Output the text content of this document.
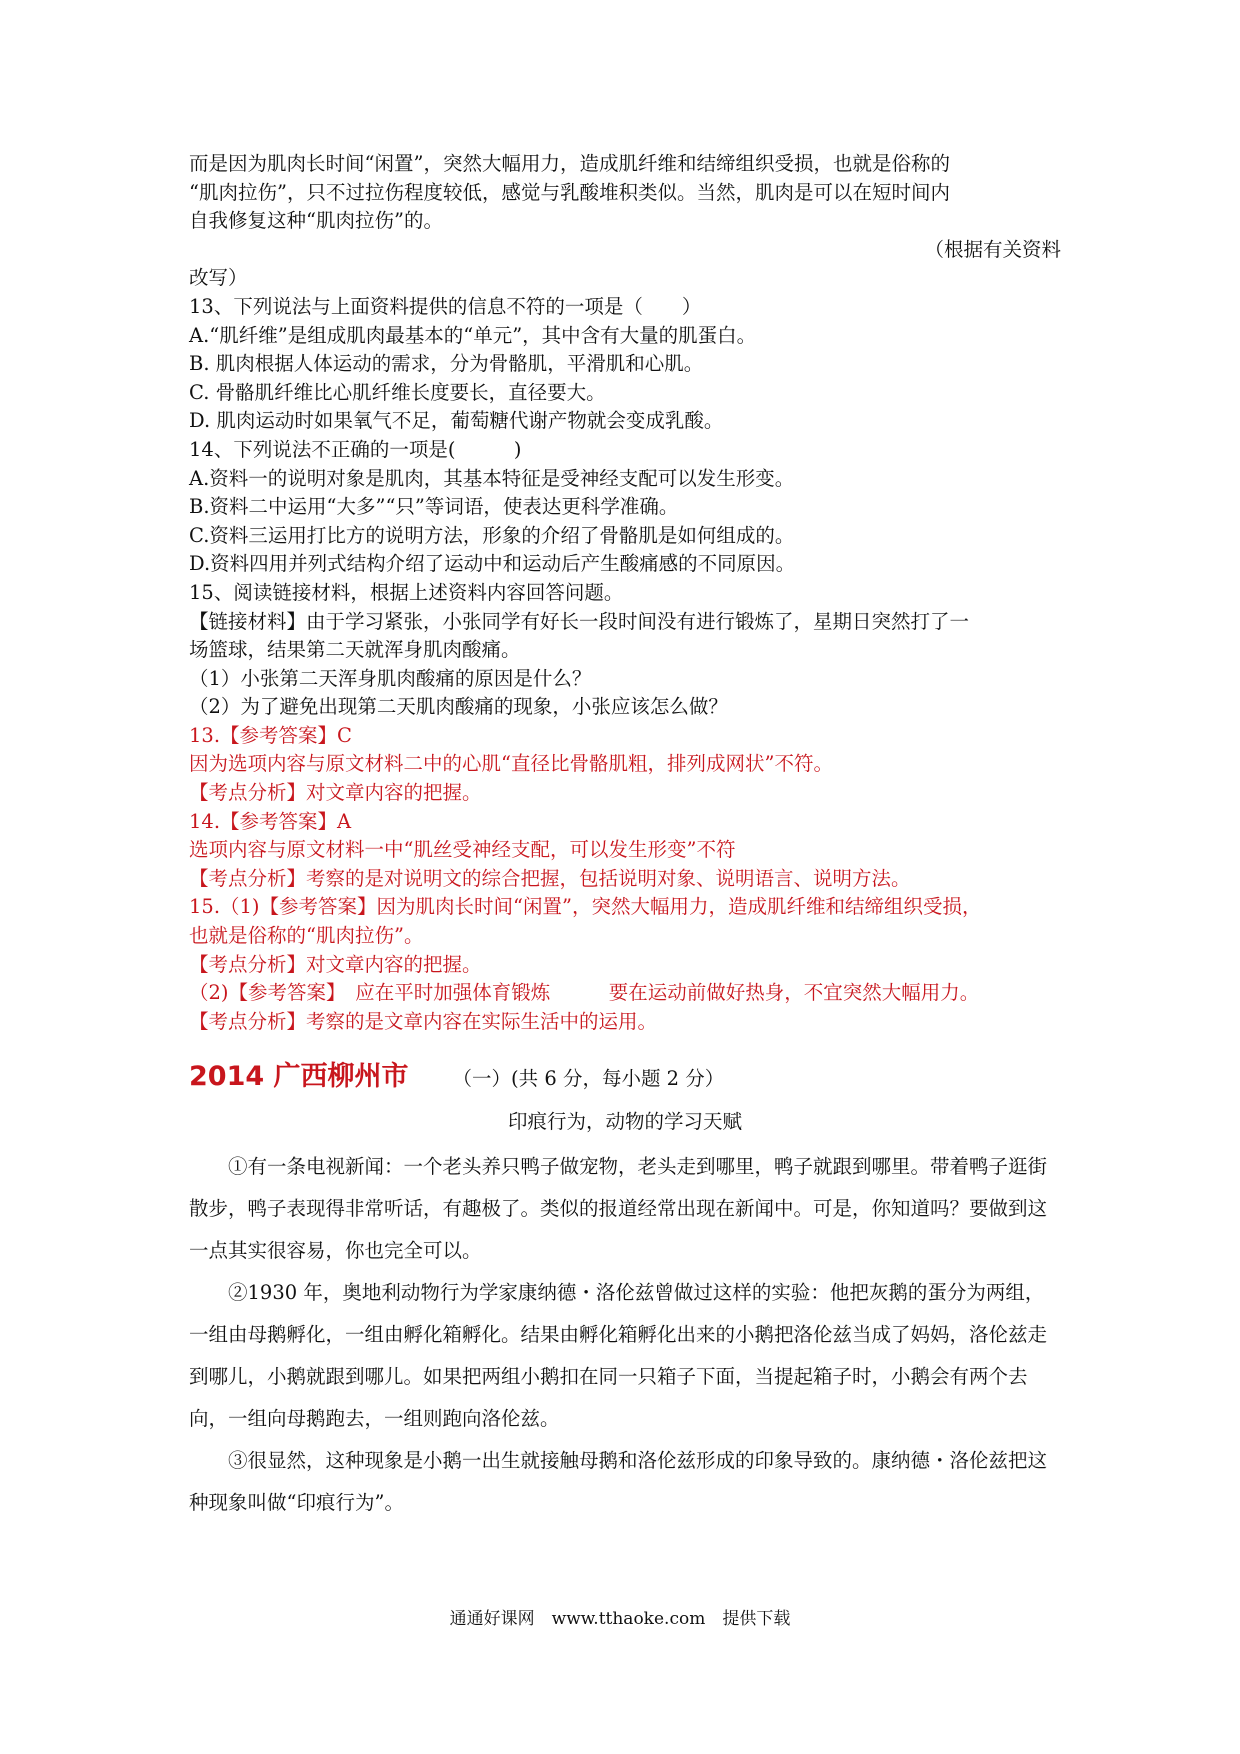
而是因为肌肉长时间“闲置”，突然大幅用力，造成肌纤维和结缔组织受损，也就是俗称的

“肌肉拉伤”，只不过拉伤程度较低，感觉与乳酸堆积类似。当然，肌肉是可以在短时间内

自我修复这种“肌肉拉伤”的。

（根据有关资料

改写）

13、下列说法与上面资料提供的信息不符的一项是（　　）

A.“肌纤维”是组成肌肉最基本的“单元”，其中含有大量的肌蛋白。

B. 肌肉根据人体运动的需求，分为骨骼肌，平滑肌和心肌。

C. 骨骼肌纤维比心肌纤维长度要长，直径要大。

D. 肌肉运动时如果氧气不足，葡萄糖代谢产物就会变成乳酸。

14、下列说法不正确的一项是(　　　)

A.资料一的说明对象是肌肉，其基本特征是受神经支配可以发生形变。

B.资料二中运用“大多”“只”等词语，使表达更科学准确。

C.资料三运用打比方的说明方法，形象的介绍了骨骼肌是如何组成的。

D.资料四用并列式结构介绍了运动中和运动后产生酸痛感的不同原因。

15、阅读链接材料，根据上述资料内容回答问题。

【链接材料】由于学习紧张，小张同学有好长一段时间没有进行锻炼了，星期日突然打了一

场篮球，结果第二天就浑身肌肉酸痛。

（1）小张第二天浑身肌肉酸痛的原因是什么？

（2）为了避免出现第二天肌肉酸痛的现象，小张应该怎么做？

13.【参考答案】C

因为选项内容与原文材料二中的心肌“直径比骨骼肌粗，排列成网状”不符。

【考点分析】对文章内容的把握。

14.【参考答案】A

选项内容与原文材料一中“肌丝受神经支配，可以发生形变”不符

【考点分析】考察的是对说明文的综合把握，包括说明对象、说明语言、说明方法。

15.（1)【参考答案】因为肌肉长时间“闲置”，突然大幅用力，造成肌纤维和结缔组织受损，

也就是俗称的“肌肉拉伤”。

【考点分析】对文章内容的把握。

（2)【参考答案】　应在平时加强体育锻炼　　　要在运动前做好热身，不宜突然大幅用力。

【考点分析】考察的是文章内容在实际生活中的运用。

2014 广西柳州市 （一）(共 6 分，每小题 2 分）

印痕行为，动物的学习天赋

①有一条电视新闻：一个老头养只鸭子做宠物，老头走到哪里，鸭子就跟到哪里。带着鸭子逛街散步，鸭子表现得非常听话，有趣极了。类似的报道经常出现在新闻中。可是，你知道吗？要做到这一点其实很容易，你也完全可以。

②1930 年，奥地利动物行为学家康纳德・洛伦兹曾做过这样的实验：他把灰鹅的蛋分为两组，一组由母鹅孵化，一组由孵化箱孵化。结果由孵化箱孵化出来的小鹅把洛伦兹当成了妈妈，洛伦兹走到哪儿，小鹅就跟到哪儿。如果把两组小鹅扣在同一只箱子下面，当提起箱子时，小鹅会有两个去向，一组向母鹅跑去，一组则跑向洛伦兹。

③很显然，这种现象是小鹅一出生就接触母鹅和洛伦兹形成的印象导致的。康纳德・洛伦兹把这种现象叫做“印痕行为”。

通通好课网　www.tthaoke.com　提供下载
